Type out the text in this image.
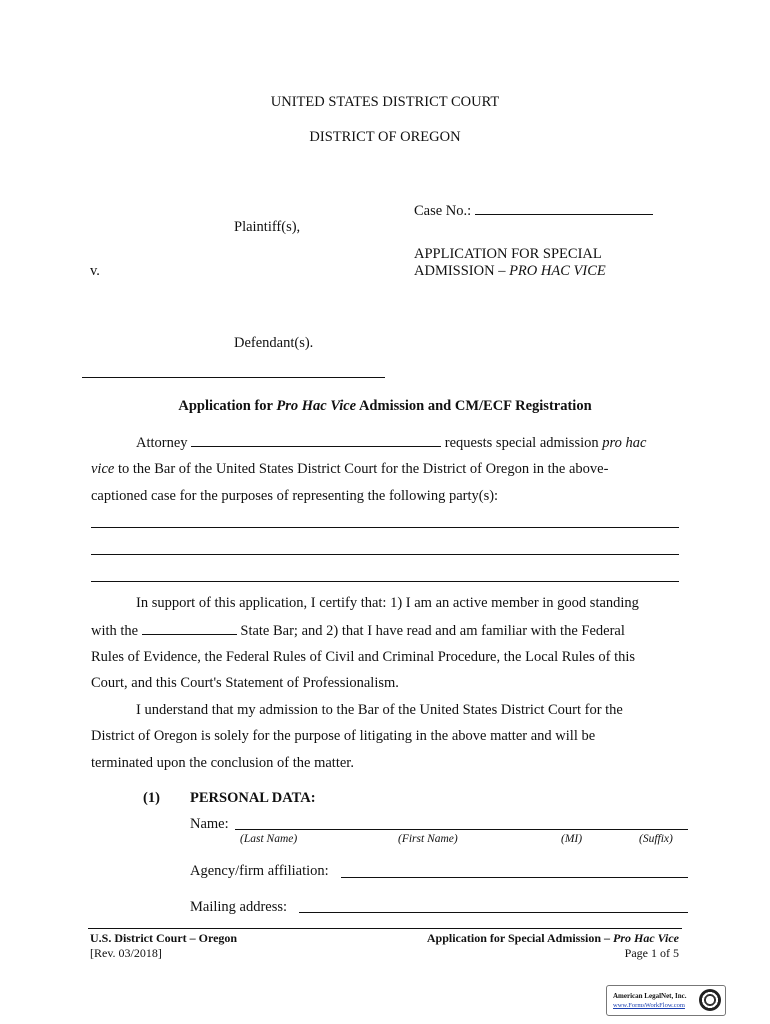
UNITED STATES DISTRICT COURT
DISTRICT OF OREGON
Case No.:
Plaintiff(s),
APPLICATION FOR SPECIAL
ADMISSION – PRO HAC VICE
v.
Defendant(s).
Application for Pro Hac Vice Admission and CM/ECF Registration
Attorney	requests special admission pro hac
vice to the Bar of the United States District Court for the District of Oregon in the above-
captioned case for the purposes of representing the following party(s):
In support of this application, I certify that: 1) I am an active member in good standing
with the	State Bar; and 2) that I have read and am familiar with the Federal
Rules of Evidence, the Federal Rules of Civil and Criminal Procedure, the Local Rules of this
Court, and this Court's Statement of Professionalism.
I understand that my admission to the Bar of the United States District Court for the
District of Oregon is solely for the purpose of litigating in the above matter and will be
terminated upon the conclusion of the matter.
(1) PERSONAL DATA:
Name:
(Last Name)	(First Name)	(MI)	(Suffix)
Agency/firm affiliation:
Mailing address:
U.S. District Court – Oregon
[Rev. 03/2018]
Application for Special Admission – Pro Hac Vice
Page 1 of 5
American LegalNet, Inc.
www.FormsWorkFlow.com
